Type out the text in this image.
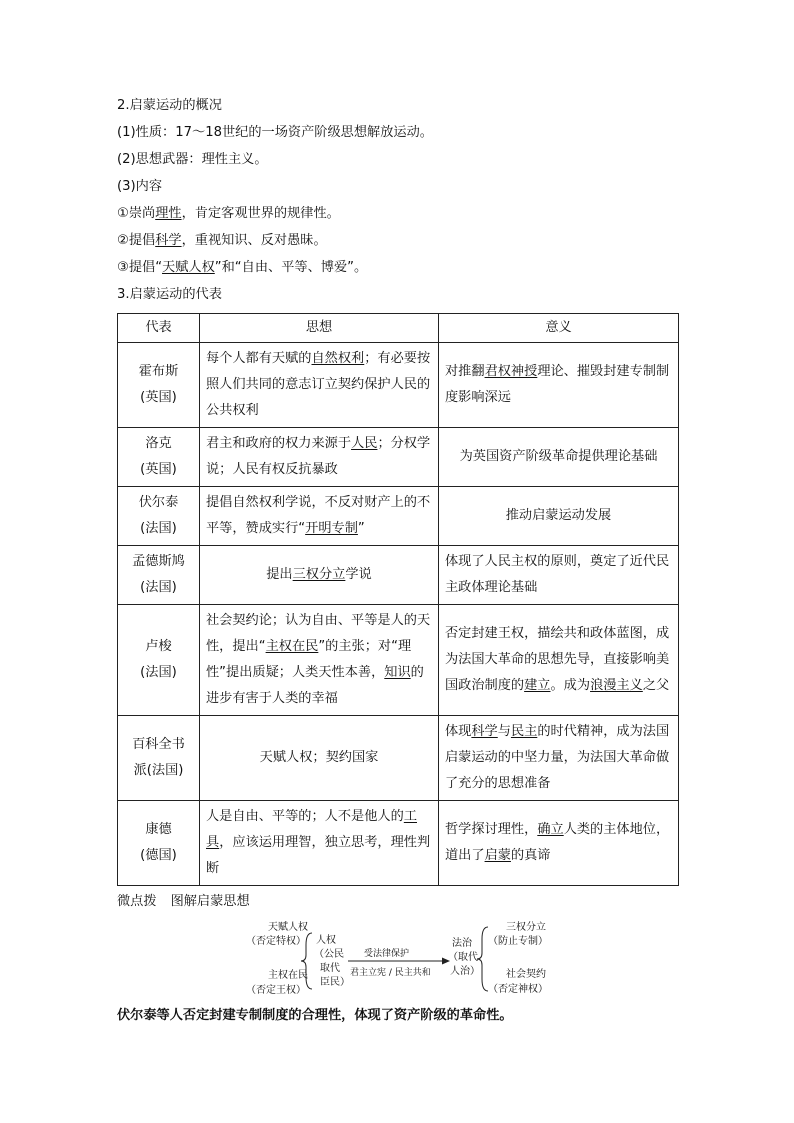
2.启蒙运动的概况
(1)性质：17～18世纪的一场资产阶级思想解放运动。
(2)思想武器：理性主义。
(3)内容
①崇尚理性，肯定客观世界的规律性。
②提倡科学，重视知识、反对愚昧。
③提倡“天赋人权”和“自由、平等、博爱”。
3.启蒙运动的代表
代表	思想	意义
霍布斯
(英国)	每个人都有天赋的自然权利；有必要按照人们共同的意志订立契约保护人民的公共权利	对推翻君权神授理论、摧毁封建专制制度影响深远
洛克
(英国)	君主和政府的权力来源于人民；分权学说；人民有权反抗暴政	为英国资产阶级革命提供理论基础
伏尔泰
(法国)	提倡自然权利学说，不反对财产上的不平等，赞成实行“开明专制”	推动启蒙运动发展
孟德斯鸠
(法国)	提出三权分立学说	体现了人民主权的原则，奠定了近代民主政体理论基础
卢梭
(法国)	社会契约论；认为自由、平等是人的天性，提出“主权在民”的主张；对“理性”提出质疑；人类天性本善，知识的进步有害于人类的幸福	否定封建王权，描绘共和政体蓝图，成为法国大革命的思想先导，直接影响美国政治制度的建立。成为浪漫主义之父
百科全书
派(法国)	天赋人权；契约国家	体现科学与民主的时代精神，成为法国启蒙运动的中坚力量，为法国大革命做了充分的思想准备
康德
(德国)	人是自由、平等的；人不是他人的工具，应该运用理智，独立思考，理性判断	哲学探讨理性，确立人类的主体地位，道出了启蒙的真谛
微点拨 图解启蒙思想
天赋人权
（否定特权）
主权在民
（否定王权）
人权
（公民
取代
臣民）
受法律保护
君主立宪 / 民主共和
法治
（取代
人治）
三权分立
（防止专制）
社会契约
（否定神权）
伏尔泰等人否定封建专制制度的合理性，体现了资产阶级的革命性。
